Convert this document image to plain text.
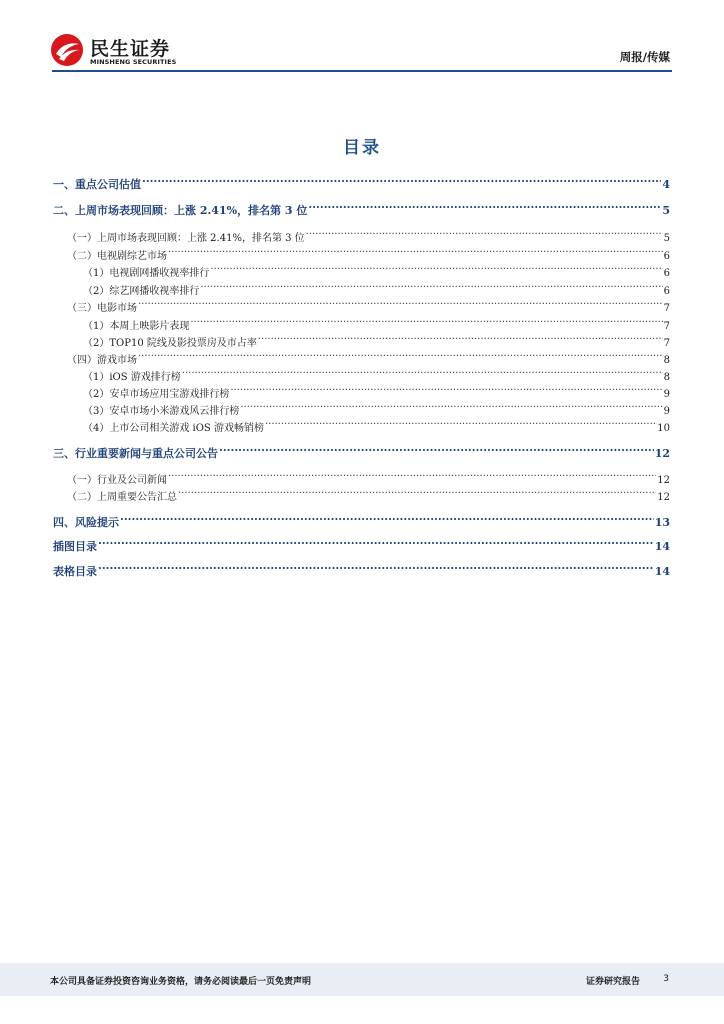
民生证券
MINSHENG SECURITIES	周报/传媒
目录
一、重点公司估值 .....	4
二、上周市场表现回顾：上涨 2.41%，排名第 3 位 .....	5
（一）上周市场表现回顾：上涨 2.41%，排名第 3 位 .....	5
（二）电视剧综艺市场 .....	6
（1）电视剧网播收视率排行 .....	6
（2）综艺网播收视率排行 .....	6
（三）电影市场 .....	7
（1）本周上映影片表现 .....	7
（2）TOP10 院线及影投票房及市占率 .....	7
（四）游戏市场 .....	8
（1）iOS 游戏排行榜 .....	8
（2）安卓市场应用宝游戏排行榜 .....	9
（3）安卓市场小米游戏风云排行榜 .....	9
（4）上市公司相关游戏 iOS 游戏畅销榜 .....	10
三、行业重要新闻与重点公司公告 .....	12
（一）行业及公司新闻 .....	12
（二）上周重要公告汇总 .....	12
四、风险提示 .....	13
插图目录 .....	14
表格目录 .....	14
本公司具备证券投资咨询业务资格，请务必阅读最后一页免责声明	证券研究报告	3
